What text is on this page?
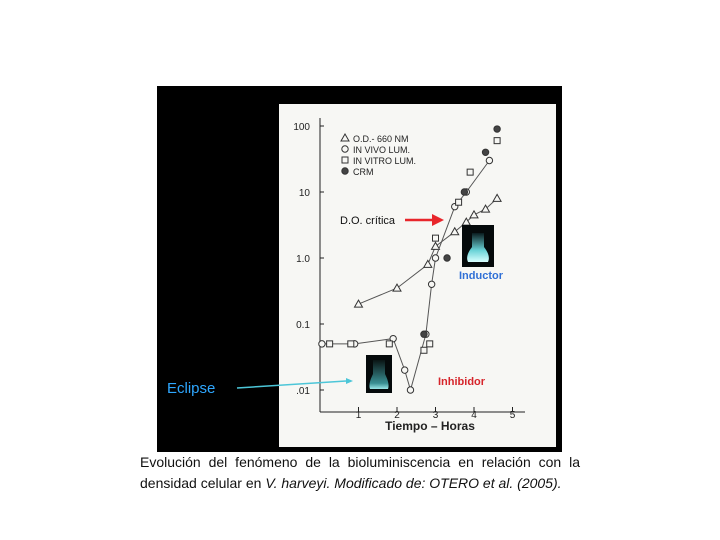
100
10
1.0
0.1
.01
1	2	3	4	5
Tiempo – Horas
O.D.- 660 NM
IN VIVO LUM.
IN VITRO LUM.
CRM
D.O. crítica
Inductor
Inhibidor
Eclipse
Evolución del fenómeno de la bioluminiscencia en relación con la densidad celular en V. harveyi. Modificado de: OTERO et al. (2005).
